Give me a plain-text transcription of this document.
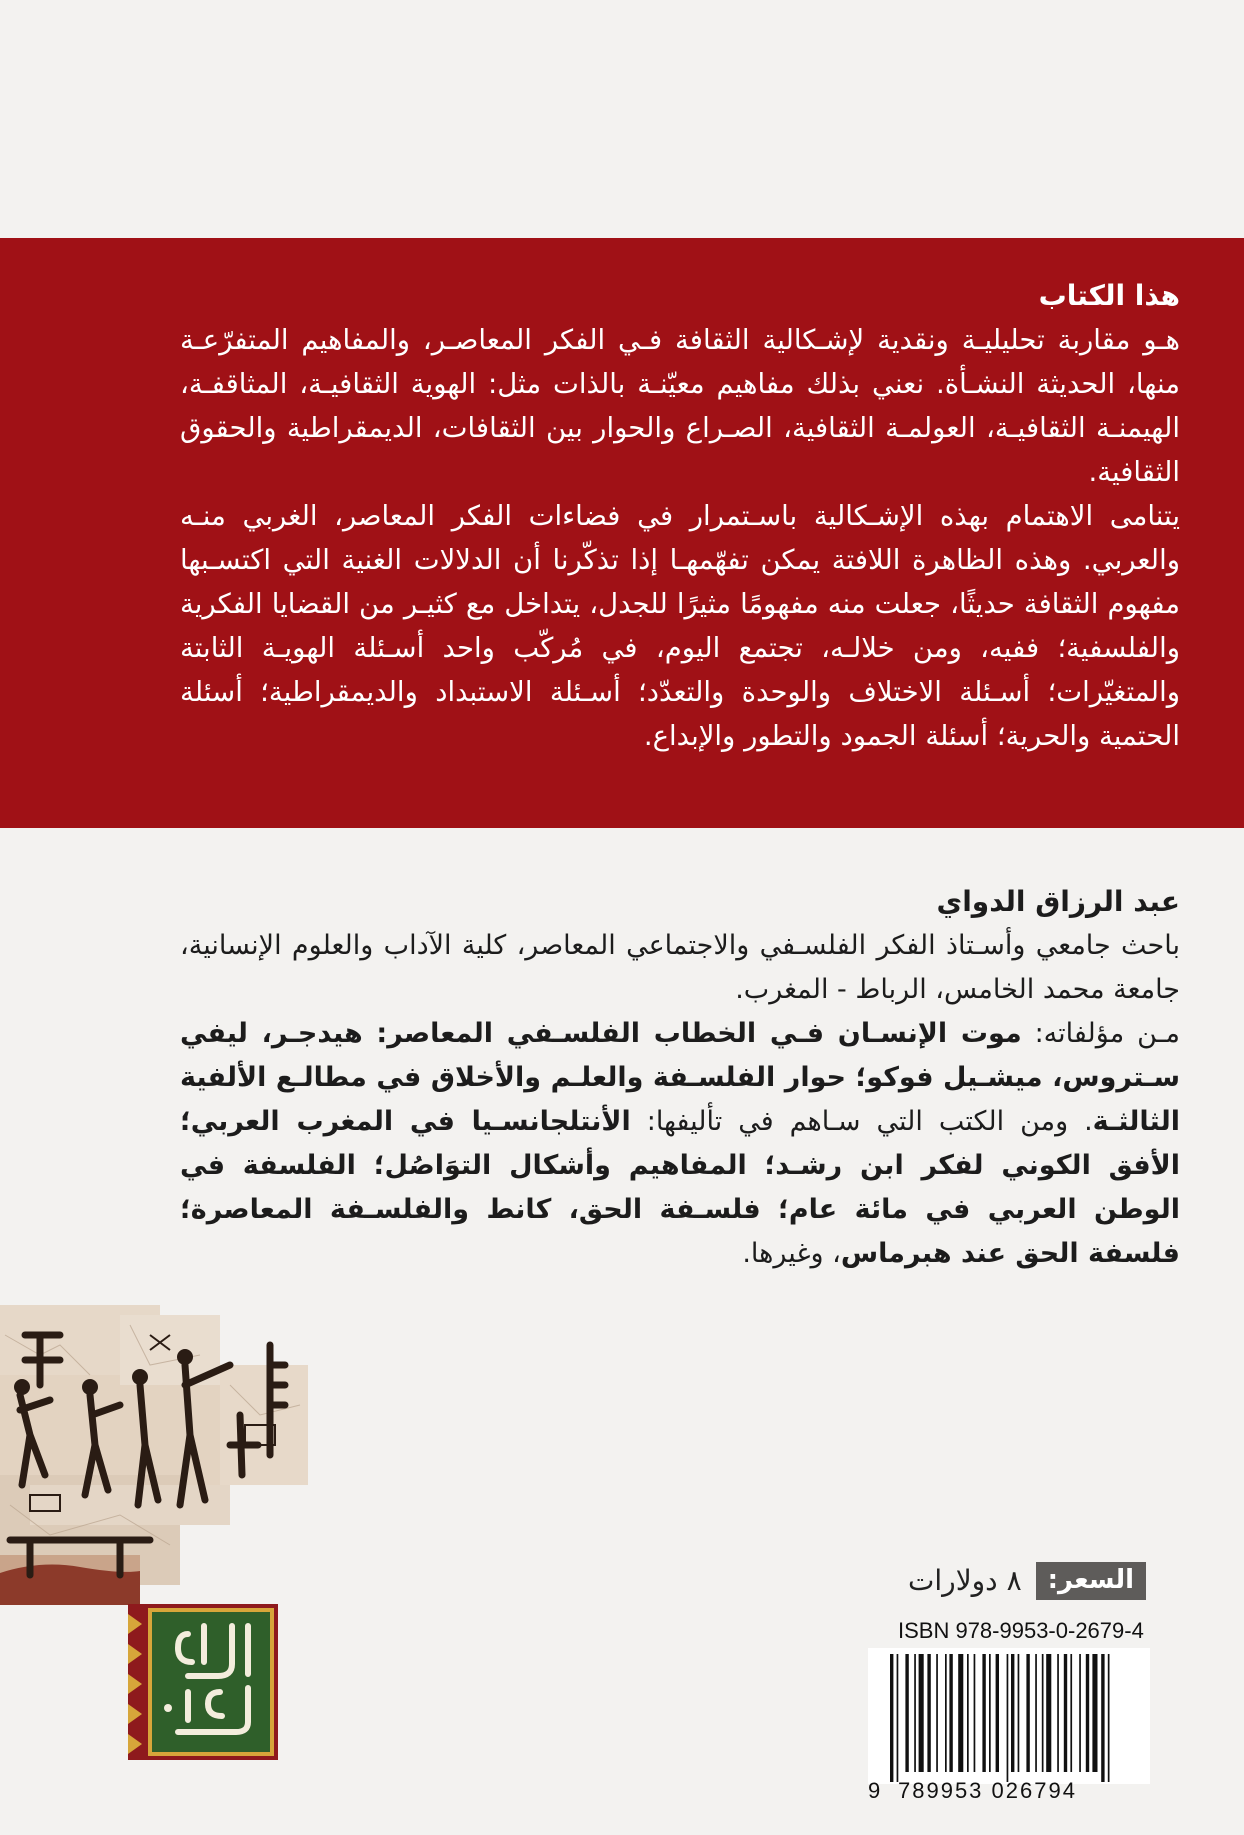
هذا الكتاب

هـو مقاربة تحليليـة ونقدية لإشـكالية الثقافة فـي الفكر المعاصـر، والمفاهيم المتفرّعـة منها، الحديثة النشـأة. نعني بذلك مفاهيم معيّنـة بالذات مثل: الهوية الثقافيـة، المثاقفـة، الهيمنـة الثقافيـة، العولمـة الثقافية، الصـراع والحوار بين الثقافات، الديمقراطية والحقوق الثقافية.

يتنامى الاهتمام بهذه الإشـكالية باسـتمرار في فضاءات الفكر المعاصر، الغربي منـه والعربي. وهذه الظاهرة اللافتة يمكن تفهّمهـا إذا تذكّرنا أن الدلالات الغنية التي اكتسـبها مفهوم الثقافة حديثًا، جعلت منه مفهومًا مثيرًا للجدل، يتداخل مع كثيـر من القضايا الفكرية والفلسفية؛ ففيه، ومن خلالـه، تجتمع اليوم، في مُركّب واحد أسـئلة الهويـة الثابتة والمتغيّرات؛ أسـئلة الاختلاف والوحدة والتعدّد؛ أسـئلة الاستبداد والديمقراطية؛ أسئلة الحتمية والحرية؛ أسئلة الجمود والتطور والإبداع.

عبد الرزاق الدواي

باحث جامعي وأسـتاذ الفكر الفلسـفي والاجتماعي المعاصر، كلية الآداب والعلوم الإنسانية، جامعة محمد الخامس، الرباط - المغرب.

مـن مؤلفاته: موت الإنسـان فـي الخطاب الفلسـفي المعاصر: هيدجـر، ليفي سـتروس، ميشـيل فوكو؛ حوار الفلسـفة والعلـم والأخلاق في مطالـع الألفية الثالثـة. ومن الكتب التي سـاهم في تأليفها: الأنتلجانسـيا في المغرب العربي؛ الأفق الكوني لفكر ابن رشـد؛ المفاهيم وأشكال التوَاصُل؛ الفلسفة في الوطن العربي في مائة عام؛ فلسـفة الحق، كانط والفلسـفة المعاصرة؛ فلسفة الحق عند هبرماس، وغيرها.

السعر:
٨ دولارات
ISBN 978-9953-0-2679-4
9 789953 026794
